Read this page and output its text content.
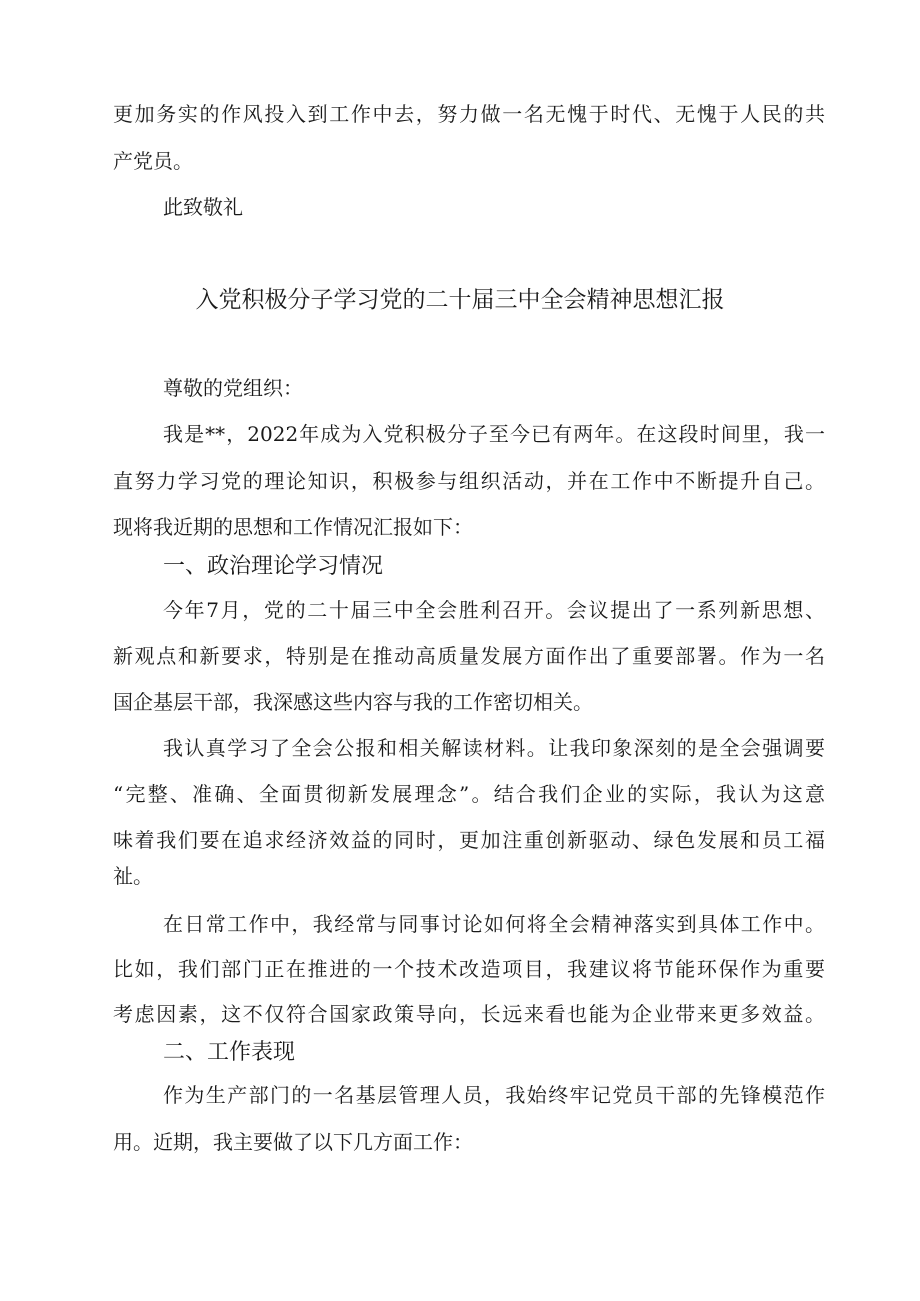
更加务实的作风投入到工作中去，努力做一名无愧于时代、无愧于人民的共
产党员。
此致敬礼
入党积极分子学习党的二十届三中全会精神思想汇报
尊敬的党组织：
我是**，2022年成为入党积极分子至今已有两年。在这段时间里，我一
直努力学习党的理论知识，积极参与组织活动，并在工作中不断提升自己。
现将我近期的思想和工作情况汇报如下：
一、政治理论学习情况
今年7月，党的二十届三中全会胜利召开。会议提出了一系列新思想、
新观点和新要求，特别是在推动高质量发展方面作出了重要部署。作为一名
国企基层干部，我深感这些内容与我的工作密切相关。
我认真学习了全会公报和相关解读材料。让我印象深刻的是全会强调要
“完整、准确、全面贯彻新发展理念”。结合我们企业的实际，我认为这意
味着我们要在追求经济效益的同时，更加注重创新驱动、绿色发展和员工福
祉。
在日常工作中，我经常与同事讨论如何将全会精神落实到具体工作中。
比如，我们部门正在推进的一个技术改造项目，我建议将节能环保作为重要
考虑因素，这不仅符合国家政策导向，长远来看也能为企业带来更多效益。
二、工作表现
作为生产部门的一名基层管理人员，我始终牢记党员干部的先锋模范作
用。近期，我主要做了以下几方面工作：
